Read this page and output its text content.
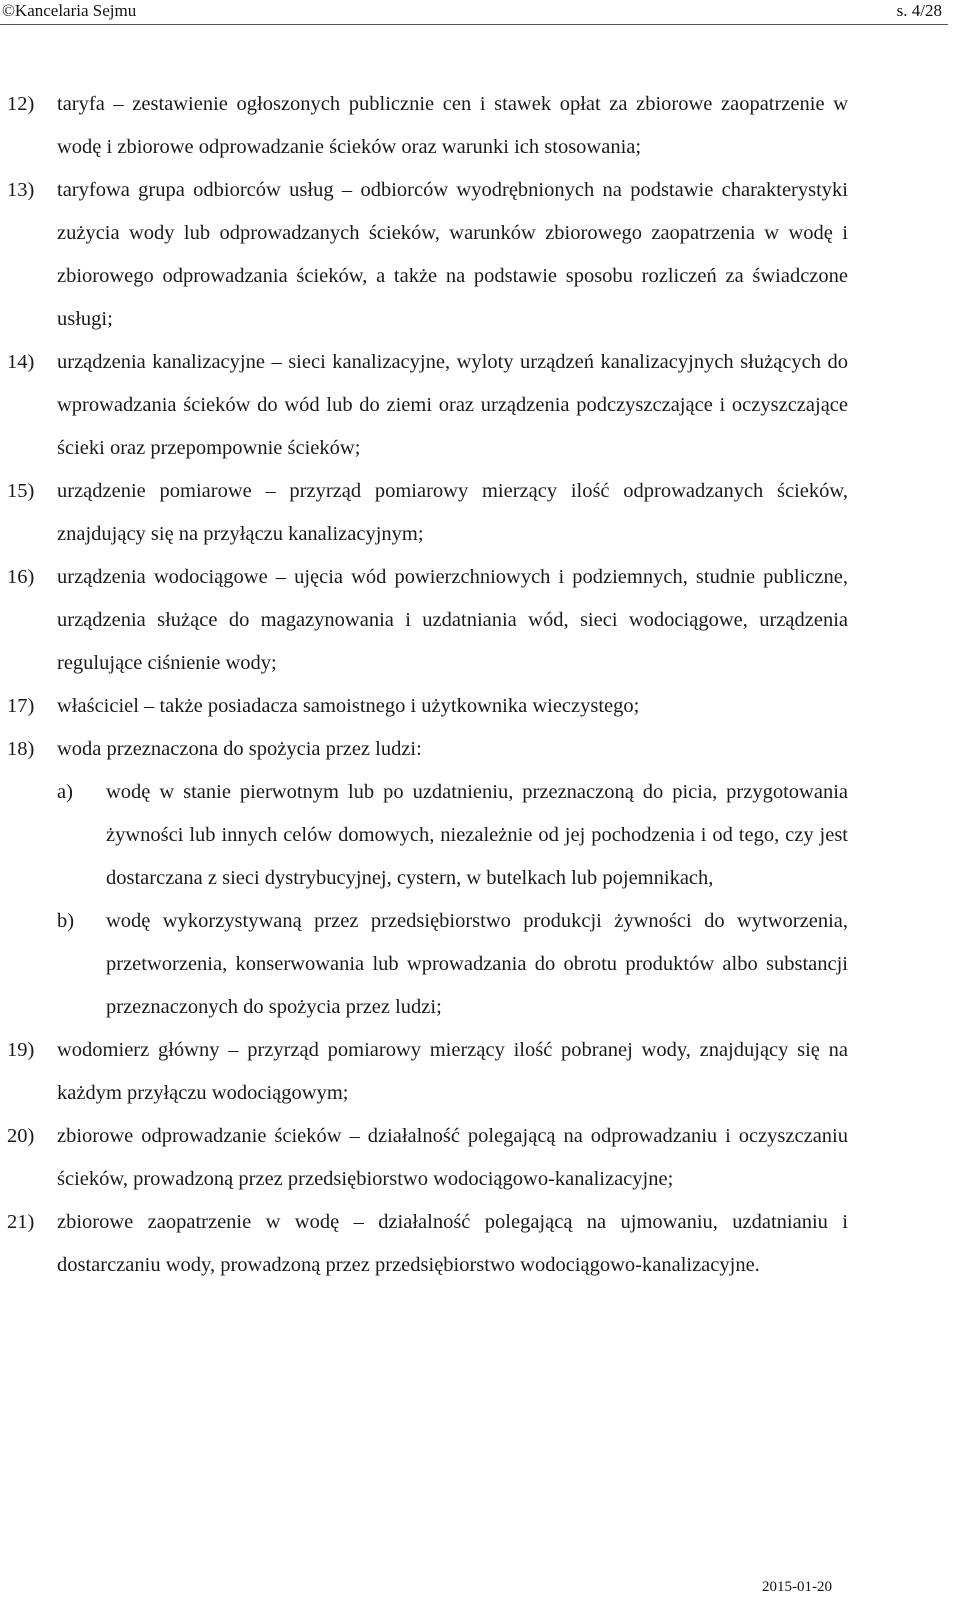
©Kancelaria Sejmu	s. 4/28
12)	taryfa – zestawienie ogłoszonych publicznie cen i stawek opłat za zbiorowe zaopatrzenie w wodę i zbiorowe odprowadzanie ścieków oraz warunki ich stosowania;
13)	taryfowa grupa odbiorców usług – odbiorców wyodrębnionych na podstawie charakterystyki zużycia wody lub odprowadzanych ścieków, warunków zbiorowego zaopatrzenia w wodę i zbiorowego odprowadzania ścieków, a także na podstawie sposobu rozliczeń za świadczone usługi;
14)	urządzenia kanalizacyjne – sieci kanalizacyjne, wyloty urządzeń kanalizacyjnych służących do wprowadzania ścieków do wód lub do ziemi oraz urządzenia podczyszczające i oczyszczające ścieki oraz przepompownie ścieków;
15)	urządzenie pomiarowe – przyrząd pomiarowy mierzący ilość odprowadzanych ścieków, znajdujący się na przyłączu kanalizacyjnym;
16)	urządzenia wodociągowe – ujęcia wód powierzchniowych i podziemnych, studnie publiczne, urządzenia służące do magazynowania i uzdatniania wód, sieci wodociągowe, urządzenia regulujące ciśnienie wody;
17)	właściciel – także posiadacza samoistnego i użytkownika wieczystego;
18)	woda przeznaczona do spożycia przez ludzi:
a)	wodę w stanie pierwotnym lub po uzdatnieniu, przeznaczoną do picia, przygotowania żywności lub innych celów domowych, niezależnie od jej pochodzenia i od tego, czy jest dostarczana z sieci dystrybucyjnej, cystern, w butelkach lub pojemnikach,
b)	wodę wykorzystywaną przez przedsiębiorstwo produkcji żywności do wytworzenia, przetworzenia, konserwowania lub wprowadzania do obrotu produktów albo substancji przeznaczonych do spożycia przez ludzi;
19)	wodomierz główny – przyrząd pomiarowy mierzący ilość pobranej wody, znajdujący się na każdym przyłączu wodociągowym;
20)	zbiorowe odprowadzanie ścieków – działalność polegającą na odprowadzaniu i oczyszczaniu ścieków, prowadzoną przez przedsiębiorstwo wodociągowo-kanalizacyjne;
21)	zbiorowe zaopatrzenie w wodę – działalność polegającą na ujmowaniu, uzdatnianiu i dostarczaniu wody, prowadzoną przez przedsiębiorstwo wodociągowo-kanalizacyjne.
2015-01-20
